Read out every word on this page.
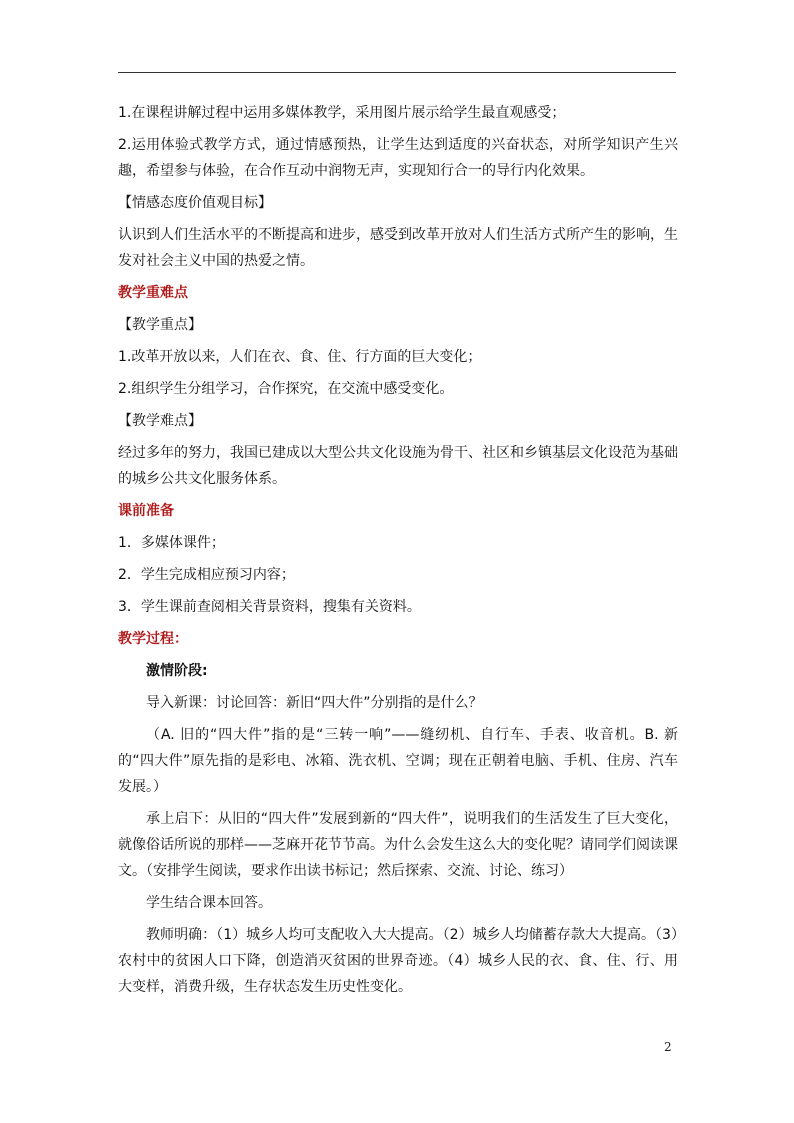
1.在课程讲解过程中运用多媒体教学，采用图片展示给学生最直观感受；

2.运用体验式教学方式，通过情感预热，让学生达到适度的兴奋状态，对所学知识产生兴趣，希望参与体验，在合作互动中润物无声，实现知行合一的导行内化效果。

【情感态度价值观目标】

认识到人们生活水平的不断提高和进步，感受到改革开放对人们生活方式所产生的影响，生发对社会主义中国的热爱之情。

教学重难点

【教学重点】

1.改革开放以来，人们在衣、食、住、行方面的巨大变化；

2.组织学生分组学习，合作探究，在交流中感受变化。

【教学难点】

经过多年的努力，我国已建成以大型公共文化设施为骨干、社区和乡镇基层文化设范为基础的城乡公共文化服务体系。

课前准备

1．多媒体课件；

2．学生完成相应预习内容；

3．学生课前查阅相关背景资料，搜集有关资料。

教学过程：

激情阶段:

导入新课：讨论回答：新旧“四大件”分别指的是什么？

（A. 旧的“四大件”指的是“三转一响”——缝纫机、自行车、手表、收音机。B. 新的“四大件”原先指的是彩电、冰箱、洗衣机、空调；现在正朝着电脑、手机、住房、汽车发展。）

承上启下：从旧的“四大件”发展到新的“四大件”，说明我们的生活发生了巨大变化，就像俗话所说的那样——芝麻开花节节高。为什么会发生这么大的变化呢？请同学们阅读课文。（安排学生阅读，要求作出读书标记；然后探索、交流、讨论、练习）

学生结合课本回答。

教师明确：（1）城乡人均可支配收入大大提高。（2）城乡人均储蓄存款大大提高。（3）农村中的贫困人口下降，创造消灭贫困的世界奇迹。（4）城乡人民的衣、食、住、行、用大变样，消费升级，生存状态发生历史性变化。

2
